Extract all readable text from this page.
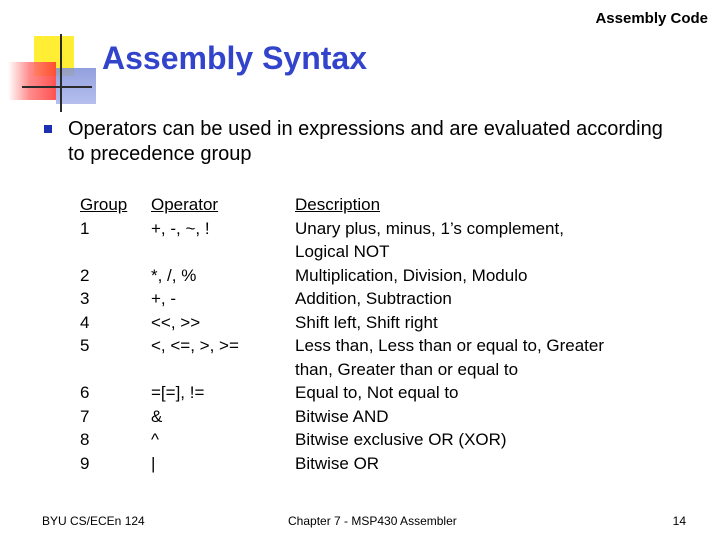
Assembly Code
Assembly Syntax
Operators can be used in expressions and are evaluated according to precedence group
Group	Operator	Description
1	+, -, ~, !	Unary plus, minus, 1’s complement,
Logical NOT

2	*, /, %	Multiplication, Division, Modulo

3	+, -	Addition, Subtraction

4	<<, >>	Shift left, Shift right

5	<, <=, >, >=	Less than, Less than or equal to, Greater
than, Greater than or equal to

6	=[=], !=	Equal to, Not equal to

7	&	Bitwise AND

8	^	Bitwise exclusive OR (XOR)

9	|	Bitwise OR
BYU CS/ECEn 124	Chapter 7 - MSP430 Assembler	14
